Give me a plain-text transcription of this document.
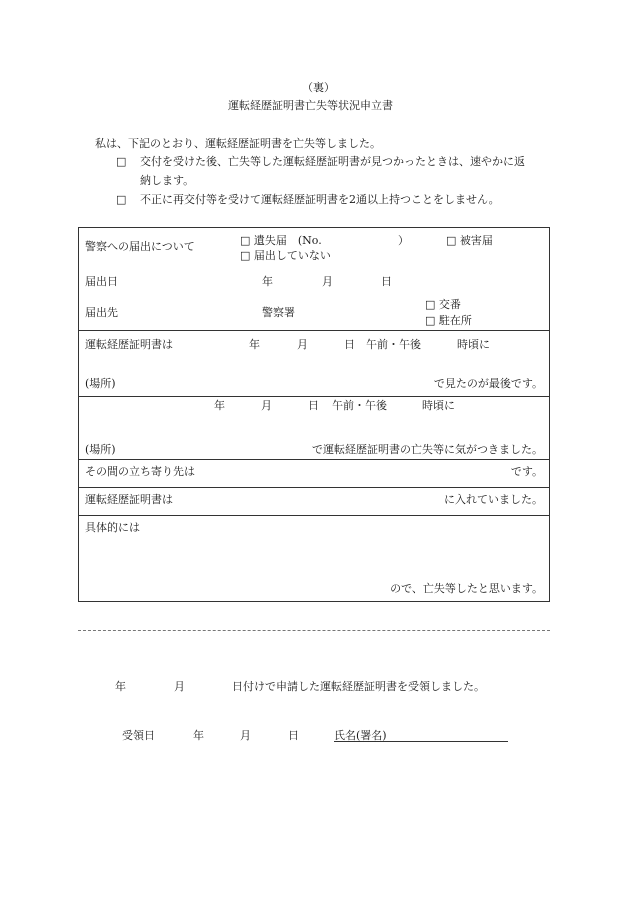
（裏）
運転経歴証明書亡失等状況申立書
私は、下記のとおり、運転経歴証明書を亡失等しました。
□ 交付を受けた後、亡失等した運転経歴証明書が見つかったときは、速やかに返
納します。
□ 不正に再交付等を受けて運転経歴証明書を2通以上持つことをしません。
警察への届出について	□ 遺失届　(No.	）	□ 被害届
□ 届出していない
届出日	年	月	日
届出先	警察署
□ 交番
□ 駐在所
運転経歴証明書は	年	月	日 午前・午後	時頃に
(場所)	で見たのが最後です。
年	月	日 午前・午後	時頃に
(場所)	で運転経歴証明書の亡失等に気がつきました。
その間の立ち寄り先は	です。
運転経歴証明書は	に入れていました。
具体的には
ので、亡失等したと思います。
年	月	日付けで申請した運転経歴証明書を受領しました。
受領日	年	月	日	氏名(署名)
